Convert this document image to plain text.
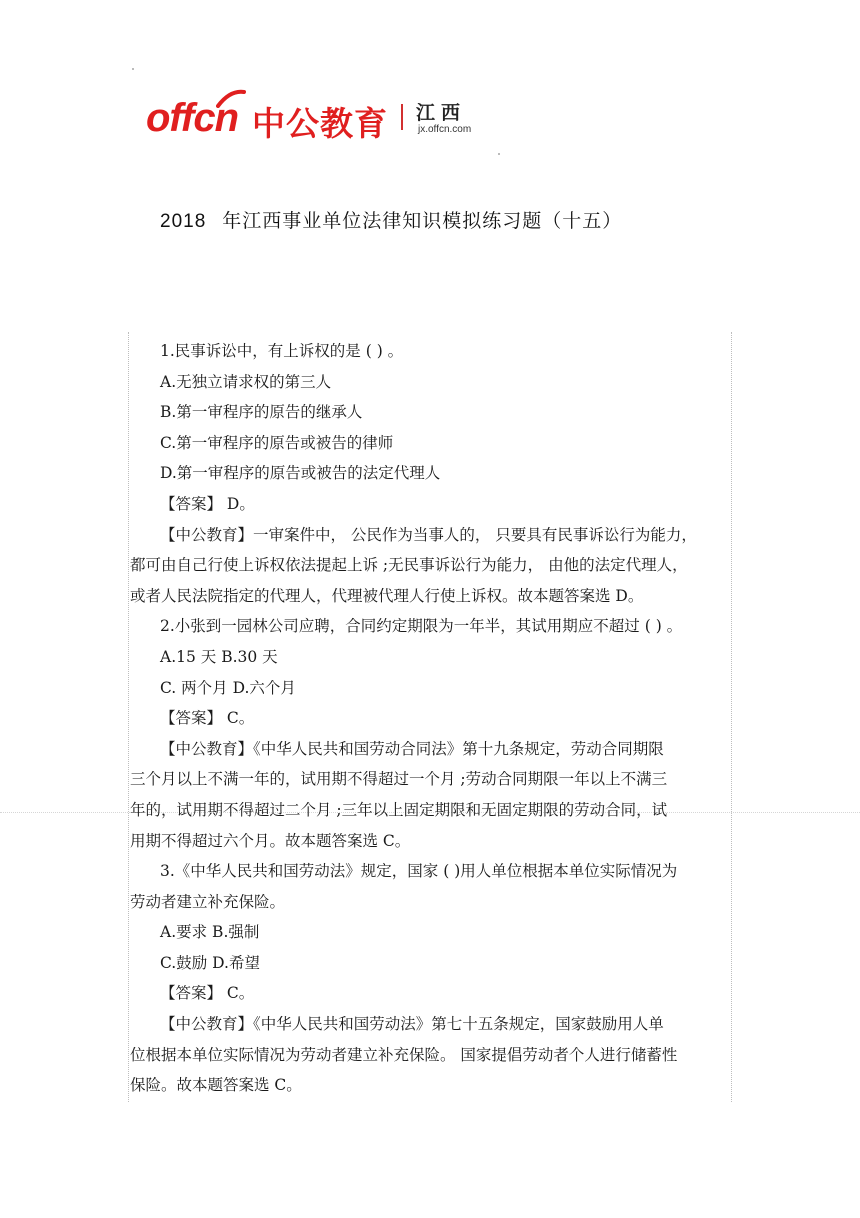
offcn 中公教育 江西
jx.offcn.com
2018 年江西事业单位法律知识模拟练习题（十五）
1.民事诉讼中，有上诉权的是 ( ) 。
A.无独立请求权的第三人
B.第一审程序的原告的继承人
C.第一审程序的原告或被告的律师
D.第一审程序的原告或被告的法定代理人
【答案】 D。
【中公教育】一审案件中， 公民作为当事人的， 只要具有民事诉讼行为能力，
都可由自己行使上诉权依法提起上诉 ;无民事诉讼行为能力， 由他的法定代理人，
或者人民法院指定的代理人，代理被代理人行使上诉权。故本题答案选 D。
2.小张到一园林公司应聘，合同约定期限为一年半，其试用期应不超过 ( ) 。
A.15 天 B.30 天
C. 两个月 D.六个月
【答案】 C。
【中公教育】《中华人民共和国劳动合同法》第十九条规定，劳动合同期限
三个月以上不满一年的，试用期不得超过一个月 ;劳动合同期限一年以上不满三
年的，试用期不得超过二个月 ;三年以上固定期限和无固定期限的劳动合同，试
用期不得超过六个月。故本题答案选 C。
3.《中华人民共和国劳动法》规定，国家 ( )用人单位根据本单位实际情况为
劳动者建立补充保险。
A.要求 B.强制
C.鼓励 D.希望
【答案】 C。
【中公教育】《中华人民共和国劳动法》第七十五条规定，国家鼓励用人单
位根据本单位实际情况为劳动者建立补充保险。 国家提倡劳动者个人进行储蓄性
保险。故本题答案选 C。
